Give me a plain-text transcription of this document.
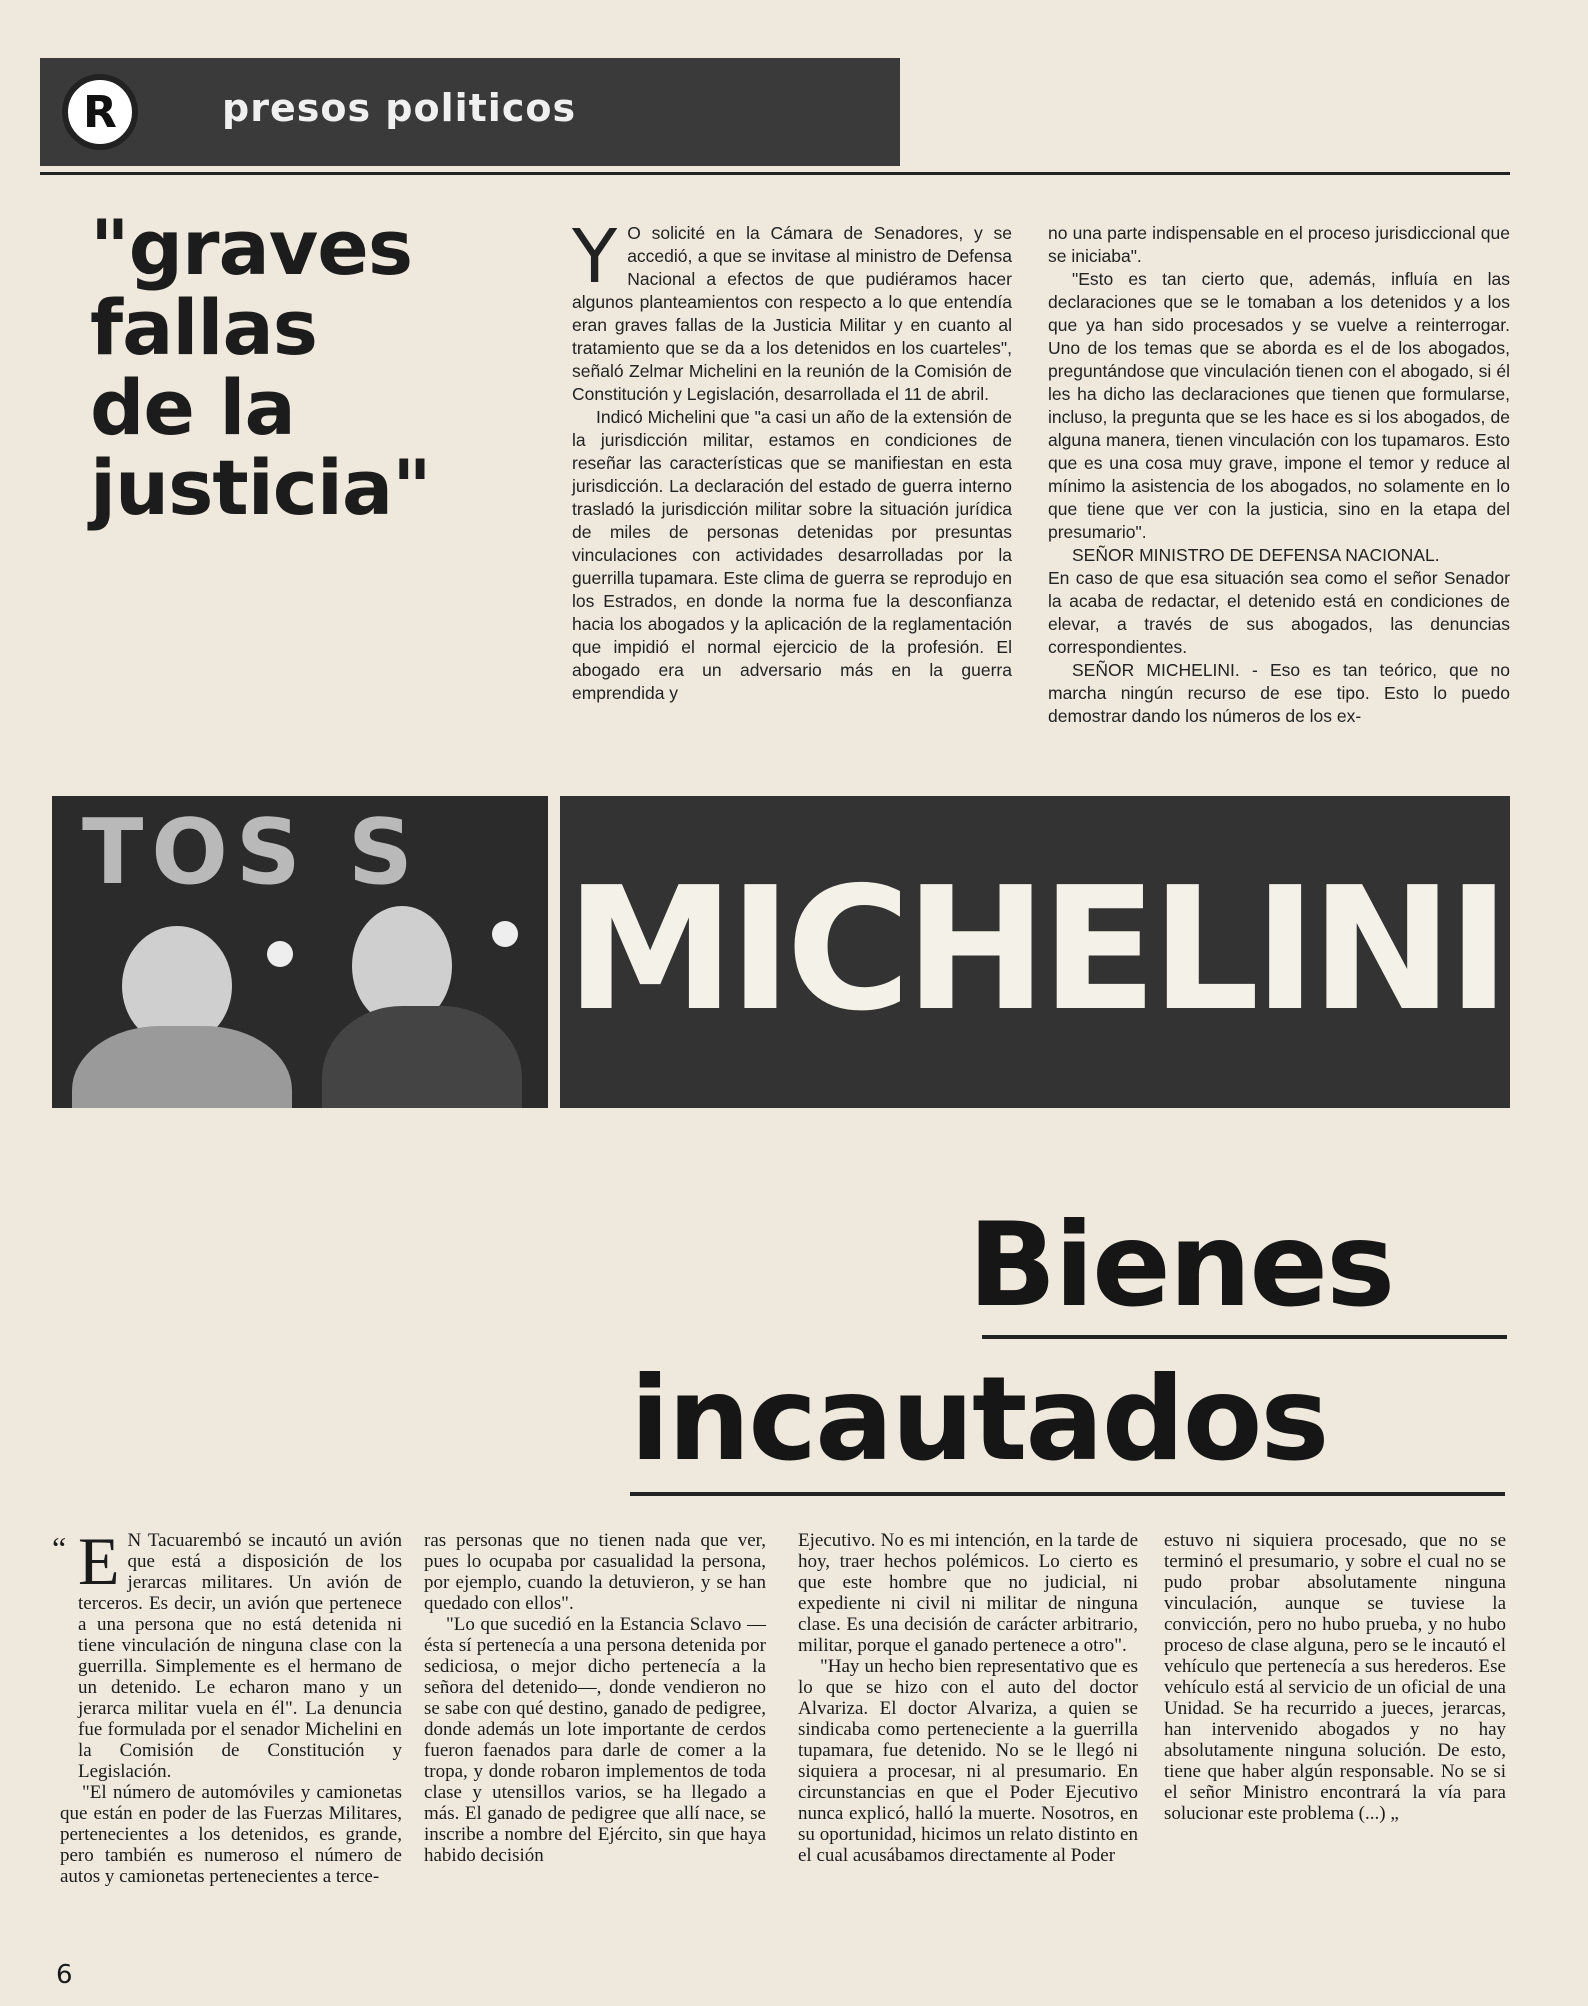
R	presos politicos
"graves
fallas
de la
justicia"

Y O solicité en la Cámara de Senadores, y se accedió, a que se invitase al ministro de Defensa Nacional a efectos de que pudiéramos hacer algunos planteamientos con respecto a lo que entendía eran graves fallas de la Justicia Militar y en cuanto al tratamiento que se da a los detenidos en los cuarteles", señaló Zelmar Michelini en la reunión de la Comisión de Constitución y Legislación, desarrollada el 11 de abril.

Indicó Michelini que "a casi un año de la extensión de la jurisdicción militar, estamos en condiciones de reseñar las características que se manifiestan en esta jurisdicción. La declaración del estado de guerra interno trasladó la jurisdicción militar sobre la situación jurídica de miles de personas detenidas por presuntas vinculaciones con actividades desarrolladas por la guerrilla tupamara. Este clima de guerra se reprodujo en los Estrados, en donde la norma fue la desconfianza hacia los abogados y la aplicación de la reglamentación que impidió el normal ejercicio de la profesión. El abogado era un adversario más en la guerra emprendida y

no una parte indispensable en el proceso jurisdiccional que se iniciaba".

"Esto es tan cierto que, además, influía en las declaraciones que se le tomaban a los detenidos y a los que ya han sido procesados y se vuelve a reinterrogar. Uno de los temas que se aborda es el de los abogados, preguntándose que vinculación tienen con el abogado, si él les ha dicho las declaraciones que tienen que formularse, incluso, la pregunta que se les hace es si los abogados, de alguna manera, tienen vinculación con los tupamaros. Esto que es una cosa muy grave, impone el temor y reduce al mínimo la asistencia de los abogados, no solamente en lo que tiene que ver con la justicia, sino en la etapa del presumario".

SEÑOR MINISTRO DE DEFENSA NACIONAL.

En caso de que esa situación sea como el señor Senador la acaba de redactar, el detenido está en condiciones de elevar, a través de sus abogados, las denuncias correspondientes.

SEÑOR MICHELINI. - Eso es tan teórico, que no marcha ningún recurso de ese tipo. Esto lo puedo demostrar dando los números de los ex-

TOS S MICHELINI
Bienes
incautados
“ E N Tacuarembó se incautó un avión que está a disposición de los jerarcas militares. Un avión de terceros. Es decir, un avión que pertenece a una persona que no está detenida ni tiene vinculación de ninguna clase con la guerrilla. Simplemente es el hermano de un detenido. Le echaron mano y un jerarca militar vuela en él". La denuncia fue formulada por el senador Michelini en la Comisión de Constitución y Legislación.

"El número de automóviles y camionetas que están en poder de las Fuerzas Militares, pertenecientes a los detenidos, es grande, pero también es numeroso el número de autos y camionetas pertenecientes a terce-

ras personas que no tienen nada que ver, pues lo ocupaba por casualidad la persona, por ejemplo, cuando la detuvieron, y se han quedado con ellos".

"Lo que sucedió en la Estancia Sclavo —ésta sí pertenecía a una persona detenida por sediciosa, o mejor dicho pertenecía a la señora del detenido—, donde vendieron no se sabe con qué destino, ganado de pedigree, donde además un lote importante de cerdos fueron faenados para darle de comer a la tropa, y donde robaron implementos de toda clase y utensillos varios, se ha llegado a más. El ganado de pedigree que allí nace, se inscribe a nombre del Ejército, sin que haya habido decisión

Ejecutivo. No es mi intención, en la tarde de hoy, traer hechos polémicos. Lo cierto es que este hombre que no judicial, ni expediente ni civil ni militar de ninguna clase. Es una decisión de carácter arbitrario, militar, porque el ganado pertenece a otro".

"Hay un hecho bien representativo que es lo que se hizo con el auto del doctor Alvariza. El doctor Alvariza, a quien se sindicaba como perteneciente a la guerrilla tupamara, fue detenido. No se le llegó ni siquiera a procesar, ni al presumario. En circunstancias en que el Poder Ejecutivo nunca explicó, halló la muerte. Nosotros, en su oportunidad, hicimos un relato distinto en el cual acusábamos directamente al Poder

estuvo ni siquiera procesado, que no se terminó el presumario, y sobre el cual no se pudo probar absolutamente ninguna vinculación, aunque se tuviese la convicción, pero no hubo prueba, y no hubo proceso de clase alguna, pero se le incautó el vehículo que pertenecía a sus herederos. Ese vehículo está al servicio de un oficial de una Unidad. Se ha recurrido a jueces, jerarcas, han intervenido abogados y no hay absolutamente ninguna solución. De esto, tiene que haber algún responsable. No se si el señor Ministro encontrará la vía para solucionar este problema (...) „

6
